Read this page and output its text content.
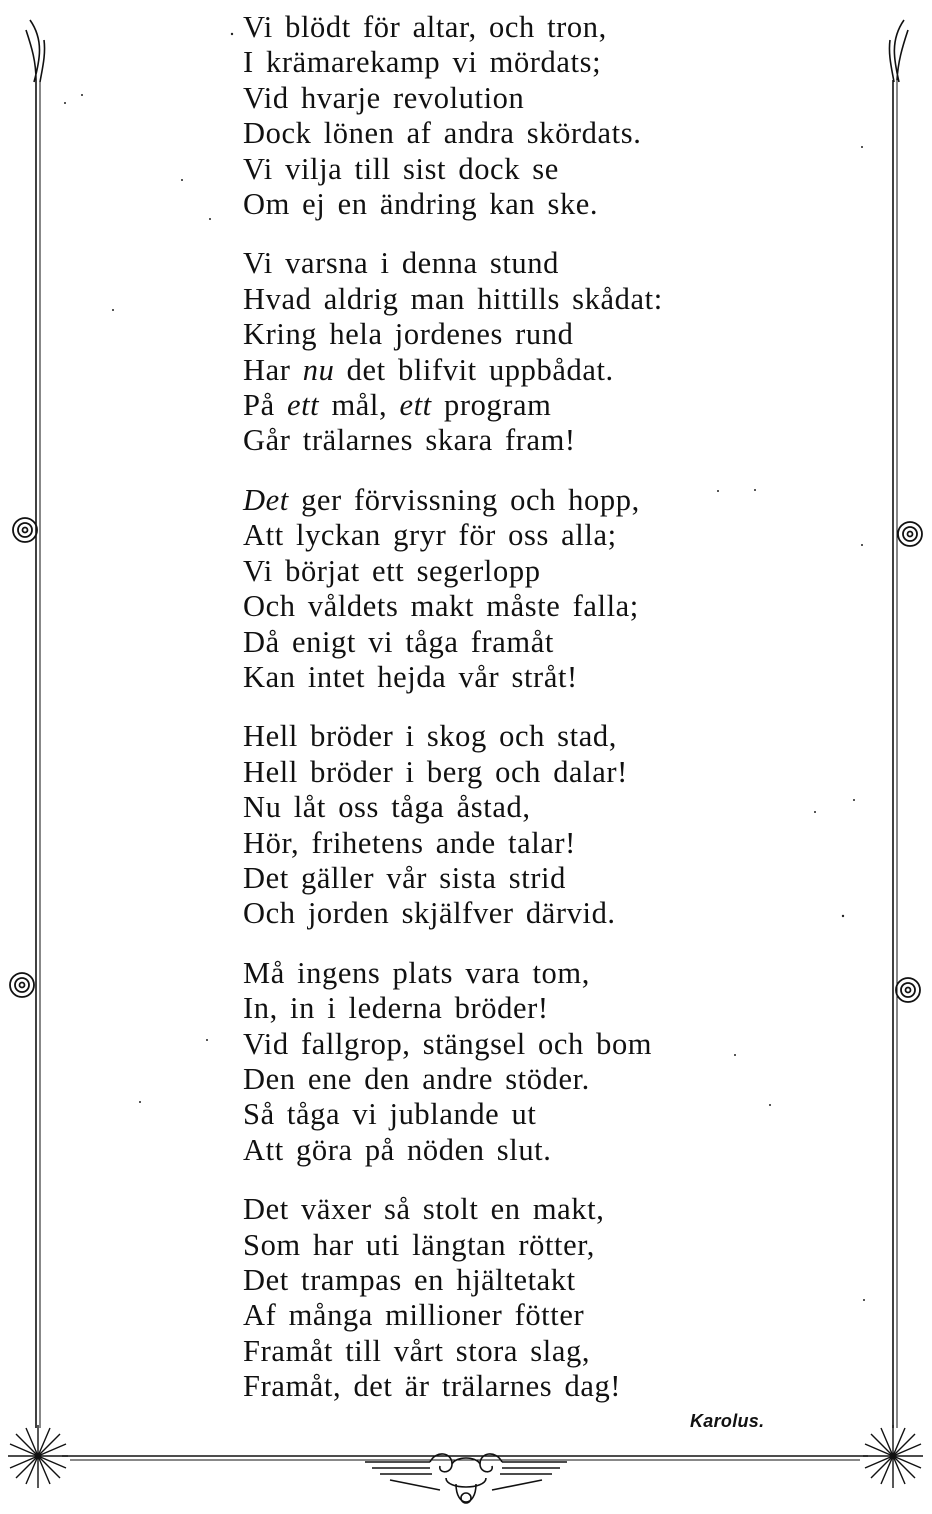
Vi blödt för altar, och tron,
I krämarekamp vi mördats;
Vid hvarje revolution
Dock lönen af andra skördats.
Vi vilja till sist dock se
Om ej en ändring kan ske.
Vi varsna i denna stund
Hvad aldrig man hittills skådat:
Kring hela jordenes rund
Har nu det blifvit uppbådat.
På ett mål, ett program
Går trälarnes skara fram!
Det ger förvissning och hopp,
Att lyckan gryr för oss alla;
Vi börjat ett segerlopp
Och våldets makt måste falla;
Då enigt vi tåga framåt
Kan intet hejda vår stråt!
Hell bröder i skog och stad,
Hell bröder i berg och dalar!
Nu låt oss tåga åstad,
Hör, frihetens ande talar!
Det gäller vår sista strid
Och jorden skjälfver därvid.
Må ingens plats vara tom,
In, in i lederna bröder!
Vid fallgrop, stängsel och bom
Den ene den andre stöder.
Så tåga vi jublande ut
Att göra på nöden slut.
Det växer så stolt en makt,
Som har uti längtan rötter,
Det trampas en hjältetakt
Af många millioner fötter
Framåt till vårt stora slag,
Framåt, det är trälarnes dag!
Karolus.
